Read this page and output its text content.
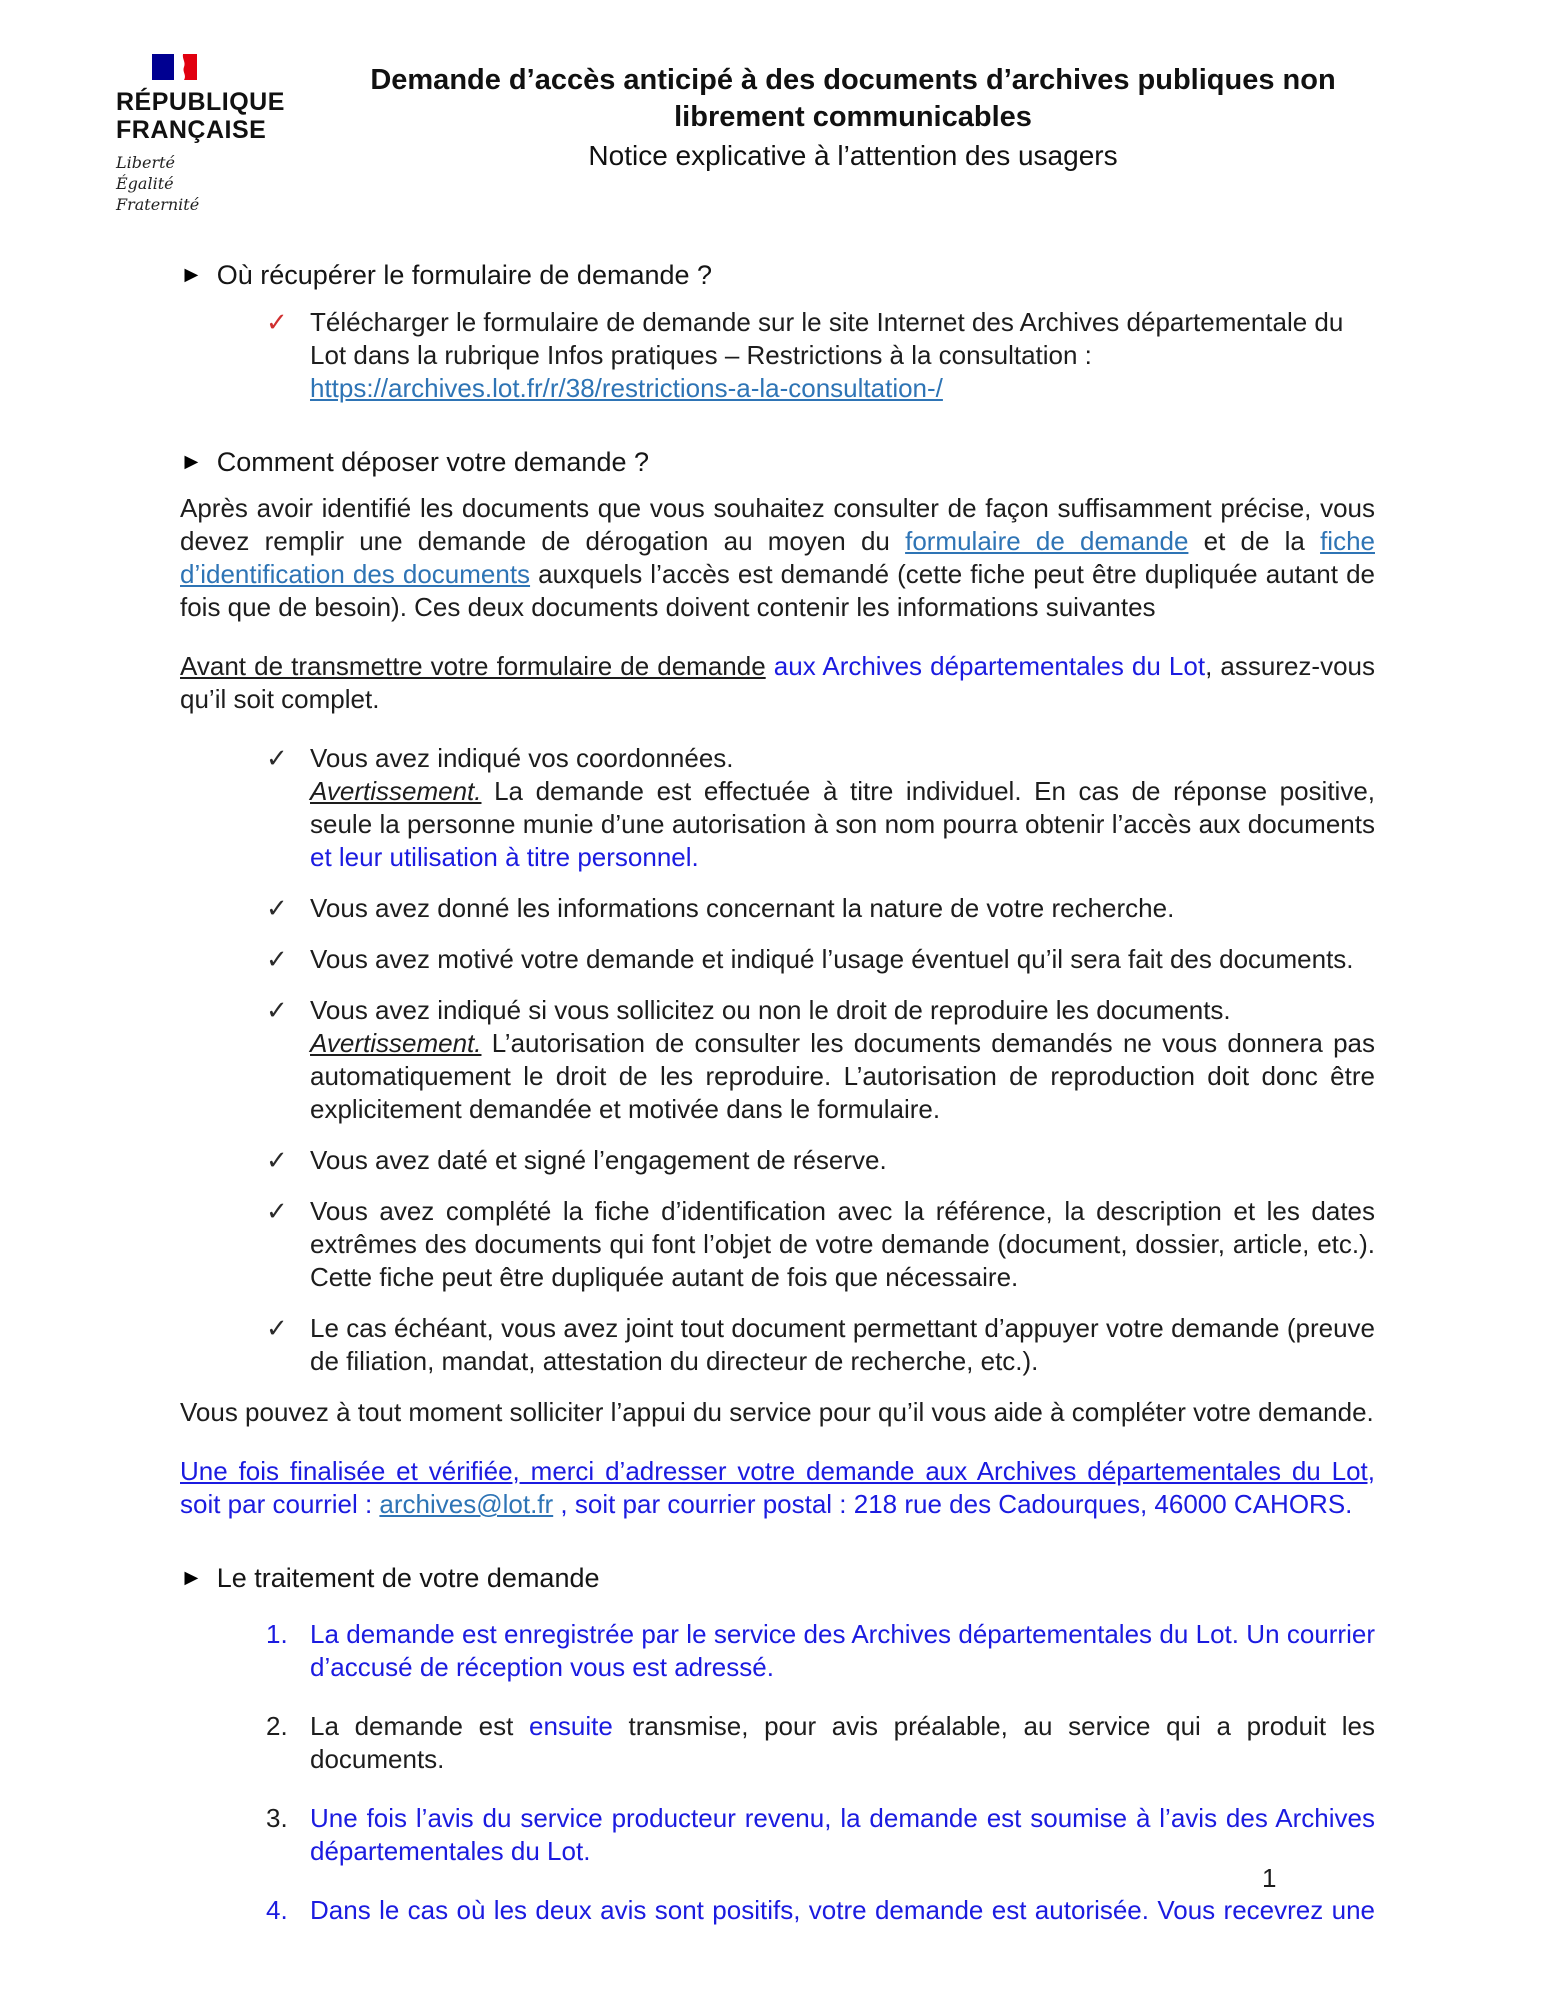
RÉPUBLIQUE
FRANÇAISE
Liberté
Égalité
Fraternité
Demande d’accès anticipé à des documents d’archives publiques non
librement communicables
Notice explicative à l’attention des usagers
► Où récupérer le formulaire de demande ?
✓ Télécharger le formulaire de demande sur le site Internet des Archives départementale du Lot dans la rubrique Infos pratiques – Restrictions à la consultation :
https://archives.lot.fr/r/38/restrictions-a-la-consultation-/
► Comment déposer votre demande ?

Après avoir identifié les documents que vous souhaitez consulter de façon suffisamment précise, vous devez remplir une demande de dérogation au moyen du formulaire de demande et de la fiche d’identification des documents auxquels l’accès est demandé (cette fiche peut être dupliquée autant de fois que de besoin). Ces deux documents doivent contenir les informations suivantes

Avant de transmettre votre formulaire de demande aux Archives départementales du Lot, assurez-vous qu’il soit complet.

✓ Vous avez indiqué vos coordonnées.
Avertissement. La demande est effectuée à titre individuel. En cas de réponse positive, seule la personne munie d’une autorisation à son nom pourra obtenir l’accès aux documents et leur utilisation à titre personnel.
✓ Vous avez donné les informations concernant la nature de votre recherche.
✓ Vous avez motivé votre demande et indiqué l’usage éventuel qu’il sera fait des documents.
✓ Vous avez indiqué si vous sollicitez ou non le droit de reproduire les documents.
Avertissement. L’autorisation de consulter les documents demandés ne vous donnera pas automatiquement le droit de les reproduire. L’autorisation de reproduction doit donc être explicitement demandée et motivée dans le formulaire.
✓ Vous avez daté et signé l’engagement de réserve.
✓ Vous avez complété la fiche d’identification avec la référence, la description et les dates extrêmes des documents qui font l’objet de votre demande (document, dossier, article, etc.). Cette fiche peut être dupliquée autant de fois que nécessaire.
✓ Le cas échéant, vous avez joint tout document permettant d’appuyer votre demande (preuve de filiation, mandat, attestation du directeur de recherche, etc.).

Vous pouvez à tout moment solliciter l’appui du service pour qu’il vous aide à compléter votre demande.

Une fois finalisée et vérifiée, merci d’adresser votre demande aux Archives départementales du Lot, soit par courriel : archives@lot.fr , soit par courrier postal : 218 rue des Cadourques, 46000 CAHORS.

► Le traitement de votre demande
1. La demande est enregistrée par le service des Archives départementales du Lot. Un courrier d’accusé de réception vous est adressé.
2. La demande est ensuite transmise, pour avis préalable, au service qui a produit les documents.
3. Une fois l’avis du service producteur revenu, la demande est soumise à l’avis des Archives départementales du Lot.
4. Dans le cas où les deux avis sont positifs, votre demande est autorisée. Vous recevrez une
1
